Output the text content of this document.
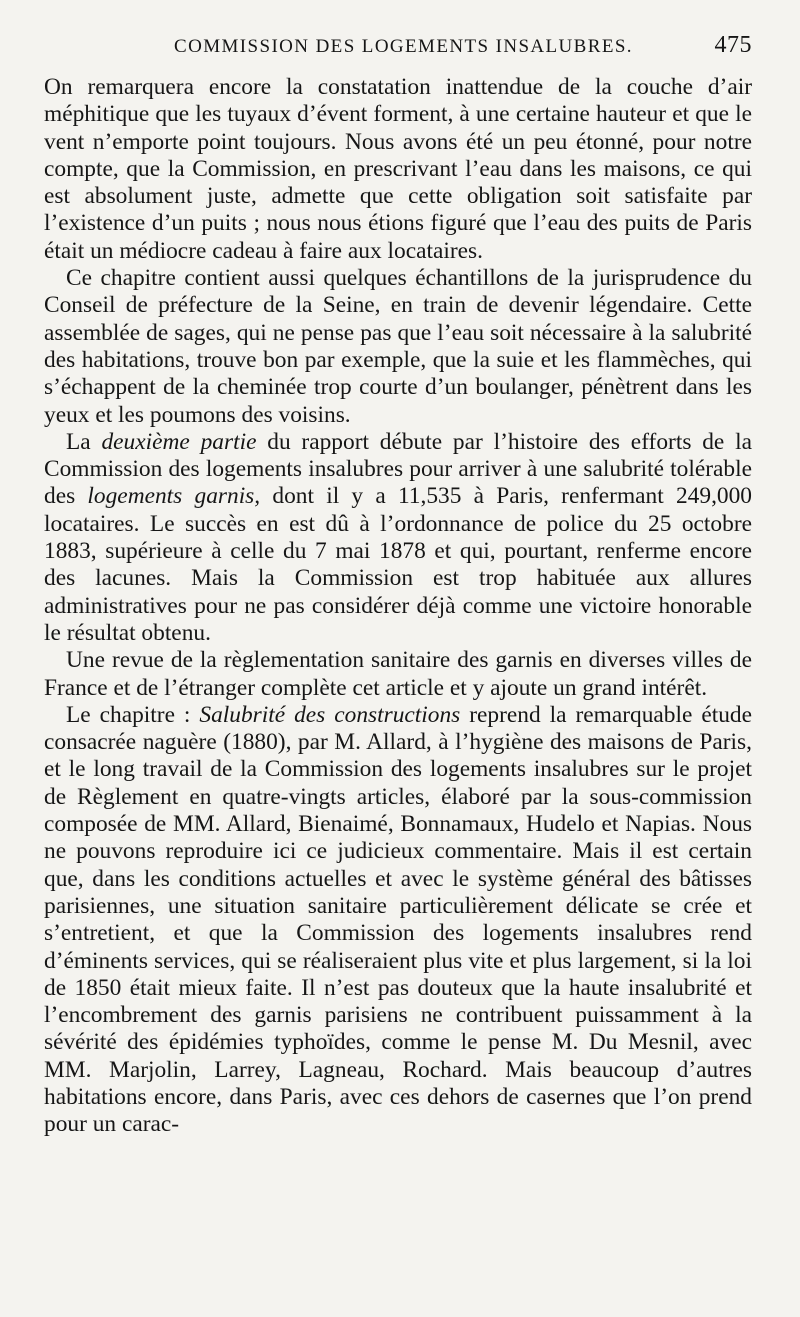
COMMISSION DES LOGEMENTS INSALUBRES.	475

On remarquera encore la constatation inattendue de la couche d’air méphitique que les tuyaux d’évent forment, à une certaine hauteur et que le vent n’emporte point toujours. Nous avons été un peu étonné, pour notre compte, que la Commission, en prescrivant l’eau dans les maisons, ce qui est absolument juste, admette que cette obligation soit satisfaite par l’existence d’un puits ; nous nous étions figuré que l’eau des puits de Paris était un médiocre cadeau à faire aux locataires.

Ce chapitre contient aussi quelques échantillons de la jurisprudence du Conseil de préfecture de la Seine, en train de devenir légendaire. Cette assemblée de sages, qui ne pense pas que l’eau soit nécessaire à la salubrité des habitations, trouve bon par exemple, que la suie et les flammèches, qui s’échappent de la cheminée trop courte d’un boulanger, pénètrent dans les yeux et les poumons des voisins.

La deuxième partie du rapport débute par l’histoire des efforts de la Commission des logements insalubres pour arriver à une salubrité tolérable des logements garnis, dont il y a 11,535 à Paris, renfermant 249,000 locataires. Le succès en est dû à l’ordonnance de police du 25 octobre 1883, supérieure à celle du 7 mai 1878 et qui, pourtant, renferme encore des lacunes. Mais la Commission est trop habituée aux allures administratives pour ne pas considérer déjà comme une victoire honorable le résultat obtenu.

Une revue de la règlementation sanitaire des garnis en diverses villes de France et de l’étranger complète cet article et y ajoute un grand intérêt.

Le chapitre : Salubrité des constructions reprend la remarquable étude consacrée naguère (1880), par M. Allard, à l’hygiène des maisons de Paris, et le long travail de la Commission des logements insalubres sur le projet de Règlement en quatre-vingts articles, élaboré par la sous-commission composée de MM. Allard, Bienaimé, Bonnamaux, Hudelo et Napias. Nous ne pouvons reproduire ici ce judicieux commentaire. Mais il est certain que, dans les conditions actuelles et avec le système général des bâtisses parisiennes, une situation sanitaire particulièrement délicate se crée et s’entretient, et que la Commission des logements insalubres rend d’éminents services, qui se réaliseraient plus vite et plus largement, si la loi de 1850 était mieux faite. Il n’est pas douteux que la haute insalubrité et l’encombrement des garnis parisiens ne contribuent puissamment à la sévérité des épidémies typhoïdes, comme le pense M. Du Mesnil, avec MM. Marjolin, Larrey, Lagneau, Rochard. Mais beaucoup d’autres habitations encore, dans Paris, avec ces dehors de casernes que l’on prend pour un carac-
